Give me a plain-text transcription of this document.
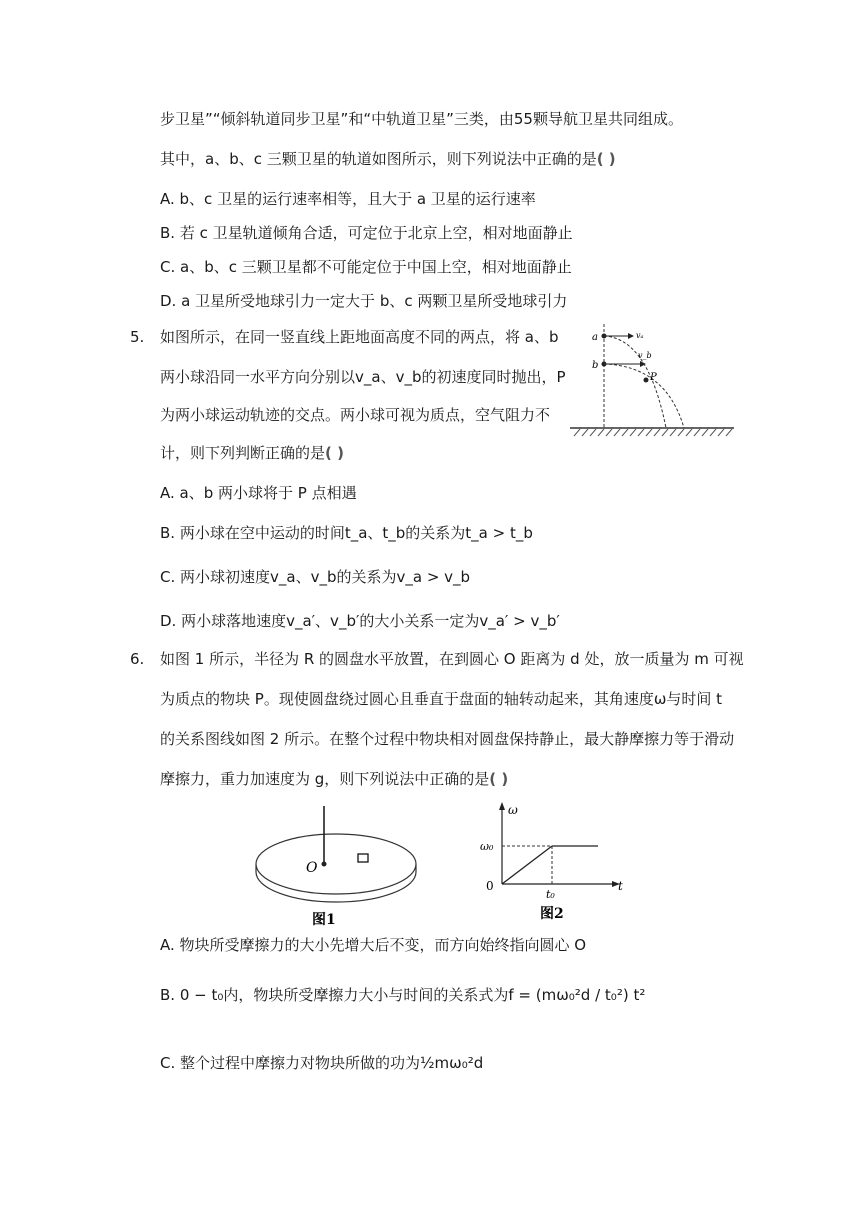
步卫星”“倾斜轨道同步卫星”和“中轨道卫星”三类，由55颗导航卫星共同组成。
其中，a、b、c 三颗卫星的轨道如图所示，则下列说法中正确的是( )
A. b、c 卫星的运行速率相等，且大于 a 卫星的运行速率
B. 若 c 卫星轨道倾角合适，可定位于北京上空，相对地面静止
C. a、b、c 三颗卫星都不可能定位于中国上空，相对地面静止
D. a 卫星所受地球引力一定大于 b、c 两颗卫星所受地球引力
5. 如图所示，在同一竖直线上距地面高度不同的两点，将 a、b
两小球沿同一水平方向分别以v_a、v_b的初速度同时抛出，P
为两小球运动轨迹的交点。两小球可视为质点，空气阻力不
计，则下列判断正确的是( )
a
b
vₐ
v_b
P
A. a、b 两小球将于 P 点相遇
B. 两小球在空中运动的时间t_a、t_b的关系为t_a > t_b
C. 两小球初速度v_a、v_b的关系为v_a > v_b
D. 两小球落地速度v_a′、v_b′的大小关系一定为v_a′ > v_b′
6. 如图 1 所示，半径为 R 的圆盘水平放置，在到圆心 O 距离为 d 处，放一质量为 m 可视
为质点的物块 P。现使圆盘绕过圆心且垂直于盘面的轴转动起来，其角速度ω与时间 t
的关系图线如图 2 所示。在整个过程中物块相对圆盘保持静止，最大静摩擦力等于滑动
摩擦力，重力加速度为 g，则下列说法中正确的是( )
O
图1
ω
ω₀
0
t₀
t
图2
A. 物块所受摩擦力的大小先增大后不变，而方向始终指向圆心 O
B. 0 − t₀内，物块所受摩擦力大小与时间的关系式为f = (mω₀²d / t₀²) t²
C. 整个过程中摩擦力对物块所做的功为½mω₀²d
